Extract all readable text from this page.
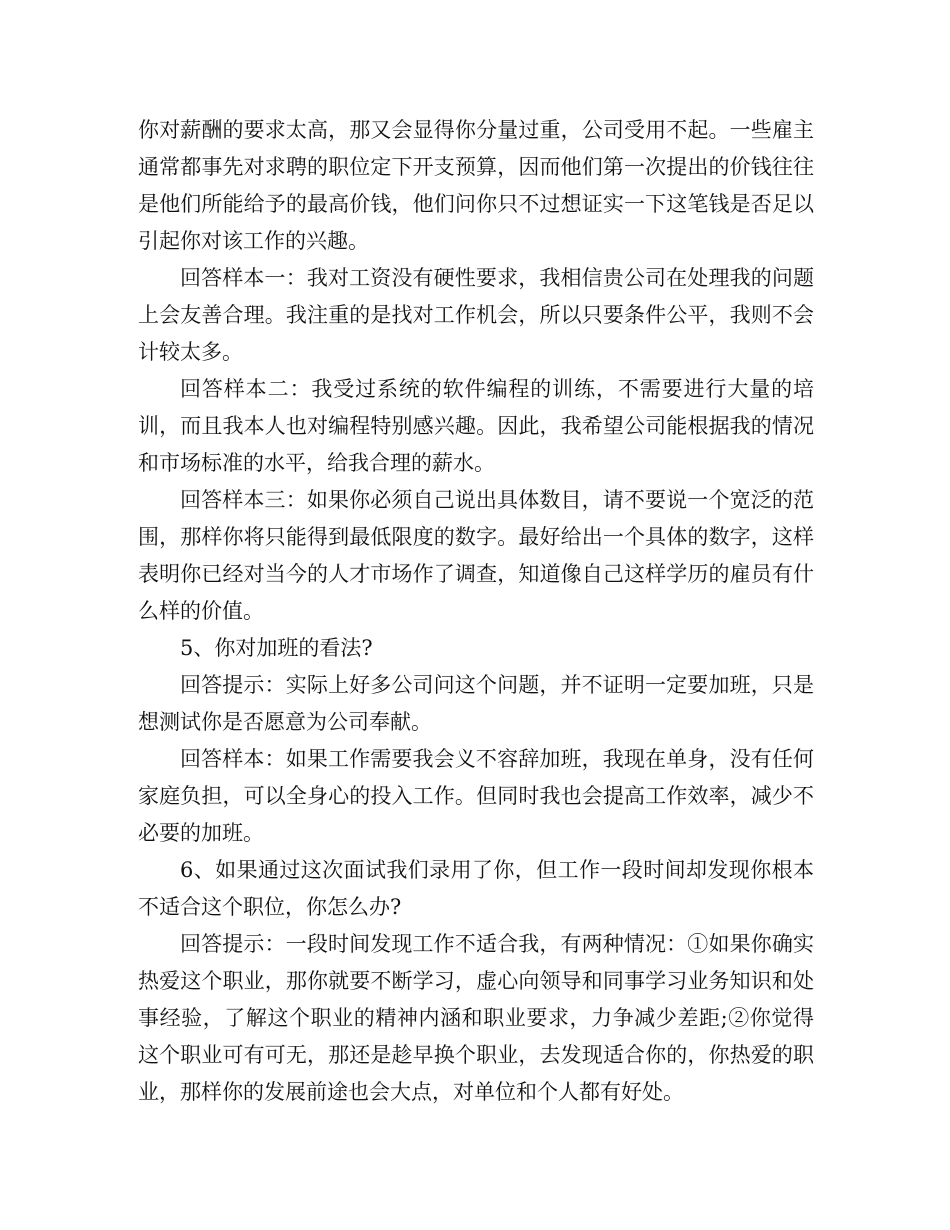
你对薪酬的要求太高，那又会显得你分量过重，公司受用不起。一些雇主通常都事先对求聘的职位定下开支预算，因而他们第一次提出的价钱往往是他们所能给予的最高价钱，他们问你只不过想证实一下这笔钱是否足以引起你对该工作的兴趣。

回答样本一：我对工资没有硬性要求，我相信贵公司在处理我的问题上会友善合理。我注重的是找对工作机会，所以只要条件公平，我则不会计较太多。

回答样本二：我受过系统的软件编程的训练，不需要进行大量的培训，而且我本人也对编程特别感兴趣。因此，我希望公司能根据我的情况和市场标准的水平，给我合理的薪水。

回答样本三：如果你必须自己说出具体数目，请不要说一个宽泛的范围，那样你将只能得到最低限度的数字。最好给出一个具体的数字，这样表明你已经对当今的人才市场作了调查，知道像自己这样学历的雇员有什么样的价值。

5、你对加班的看法?

回答提示：实际上好多公司问这个问题，并不证明一定要加班，只是想测试你是否愿意为公司奉献。

回答样本：如果工作需要我会义不容辞加班，我现在单身，没有任何家庭负担，可以全身心的投入工作。但同时我也会提高工作效率，减少不必要的加班。

6、如果通过这次面试我们录用了你，但工作一段时间却发现你根本不适合这个职位，你怎么办?

回答提示：一段时间发现工作不适合我，有两种情况：①如果你确实热爱这个职业，那你就要不断学习，虚心向领导和同事学习业务知识和处事经验，了解这个职业的精神内涵和职业要求，力争减少差距;②你觉得这个职业可有可无，那还是趁早换个职业，去发现适合你的，你热爱的职业，那样你的发展前途也会大点，对单位和个人都有好处。
